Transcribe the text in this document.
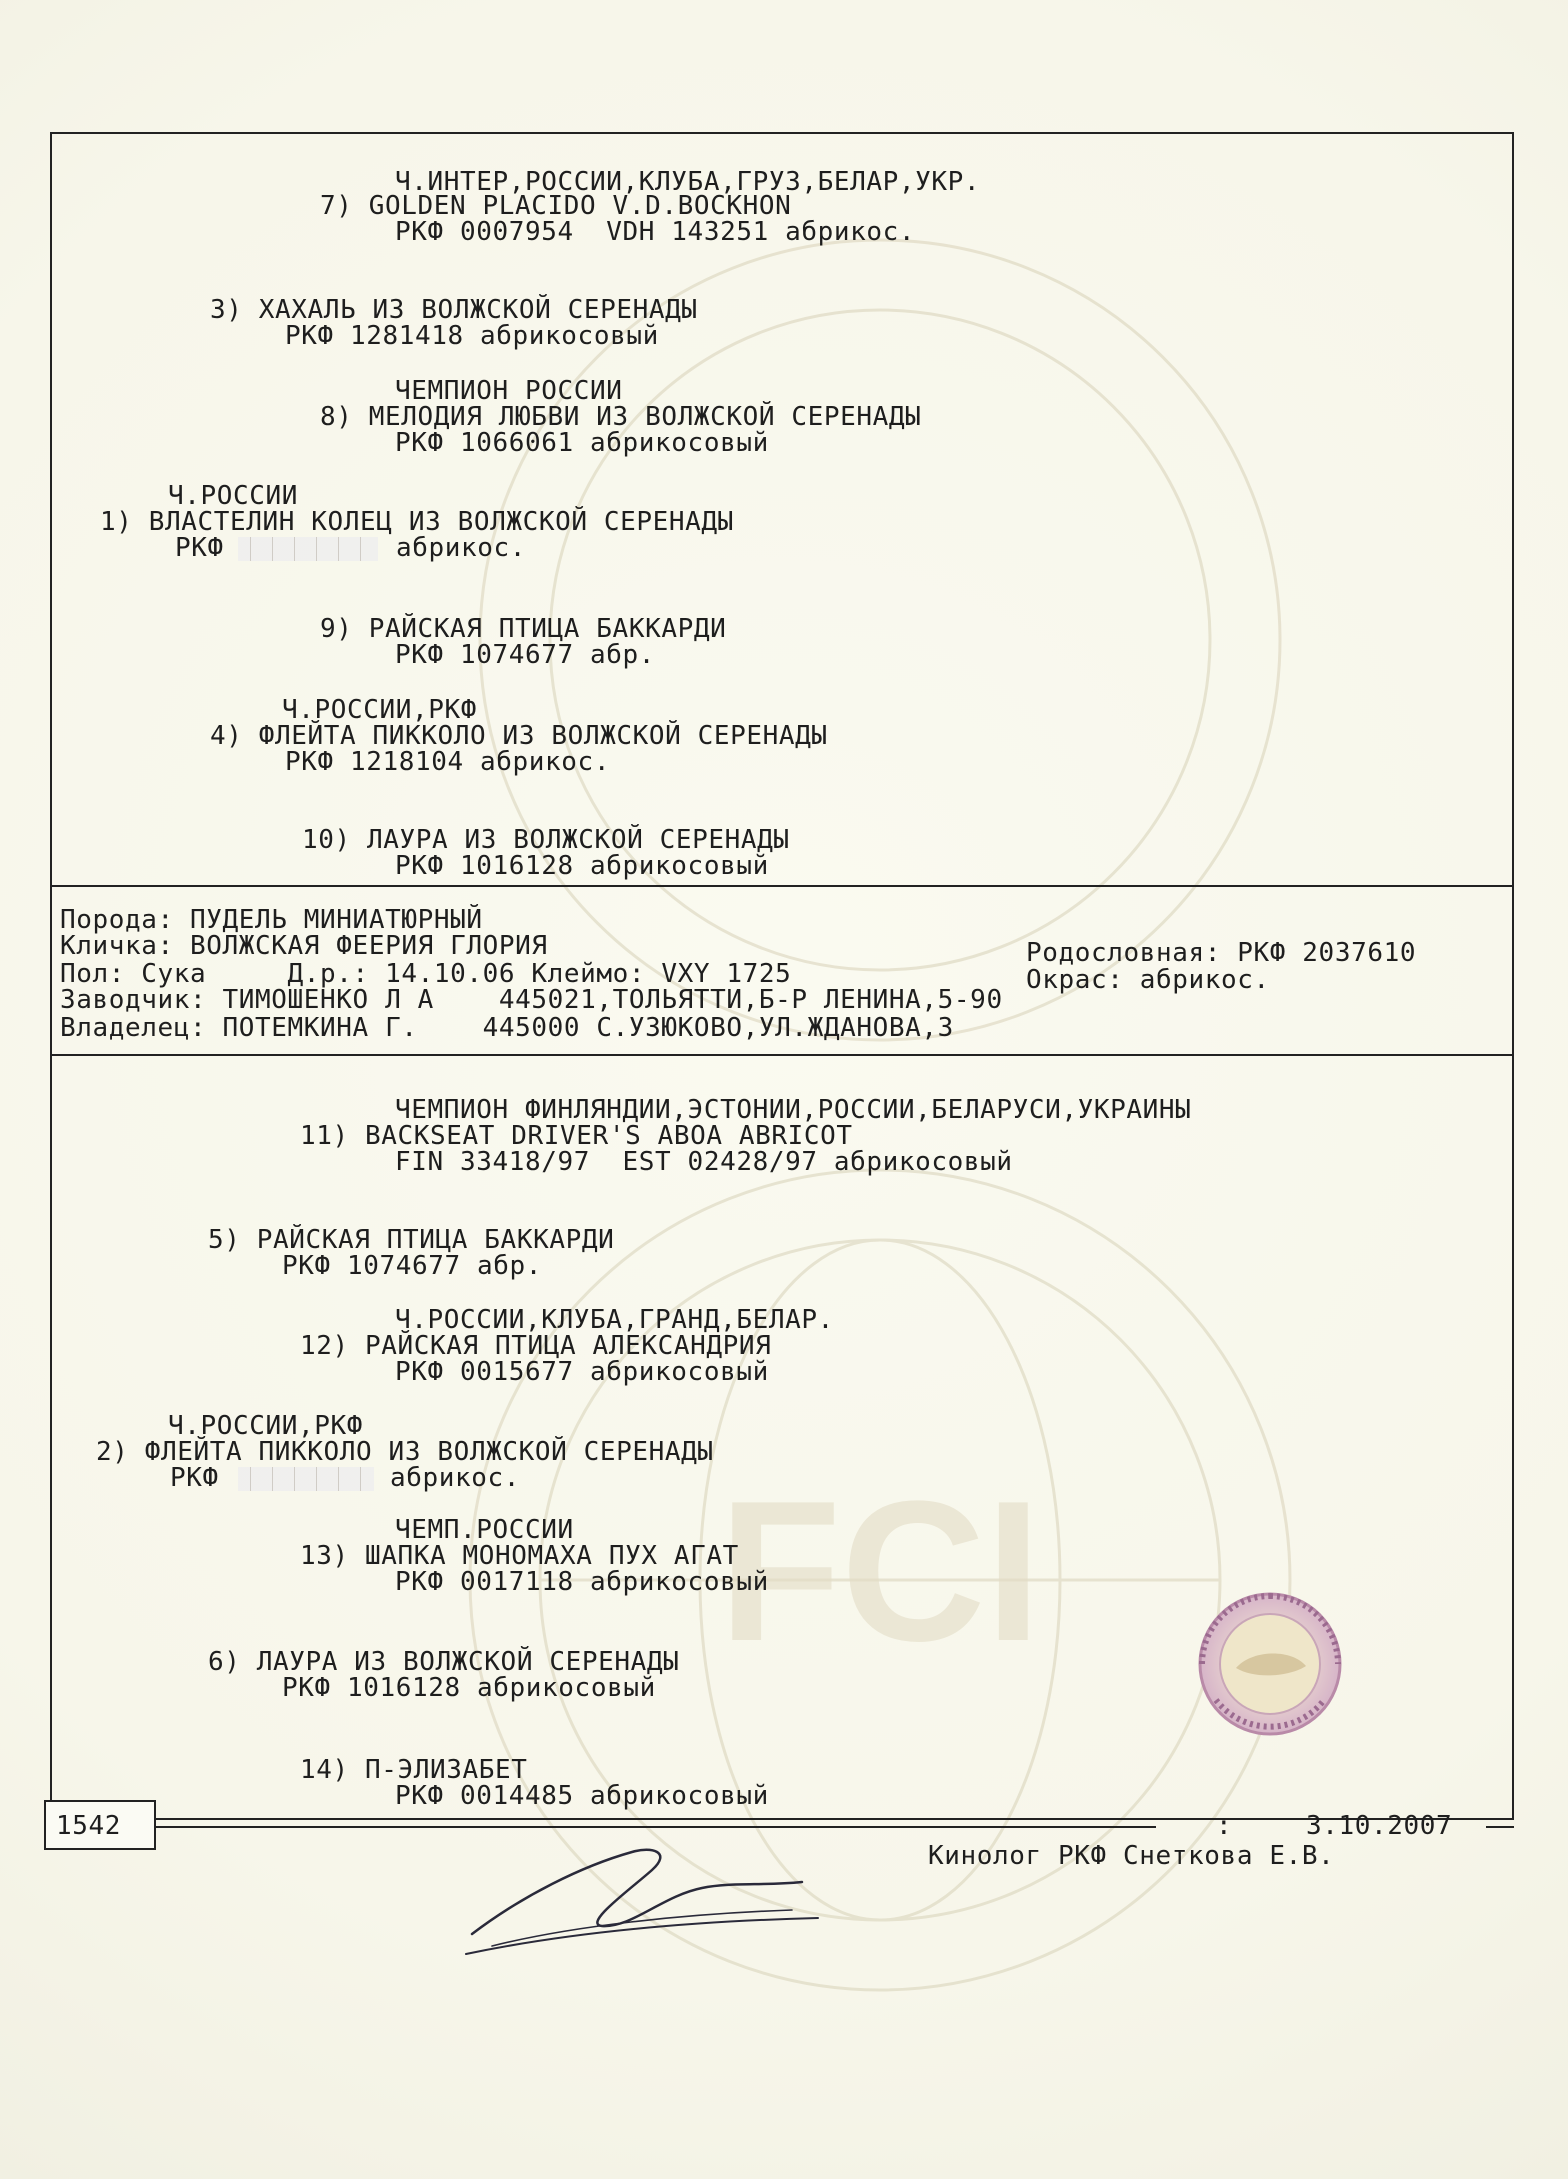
FCI
Ч.ИНТЕР,РОССИИ,КЛУБА,ГРУЗ,БЕЛАР,УКР.
7) GOLDEN PLACIDO V.D.BOCKHON
РКФ 0007954  VDH 143251 абрикос.
3) ХАХАЛЬ ИЗ ВОЛЖСКОЙ СЕРЕНАДЫ
РКФ 1281418 абрикосовый
ЧЕМПИОН РОССИИ
8) МЕЛОДИЯ ЛЮБВИ ИЗ ВОЛЖСКОЙ СЕРЕНАДЫ
РКФ 1066061 абрикосовый
Ч.РОССИИ
1) ВЛАСТЕЛИН КОЛЕЦ ИЗ ВОЛЖСКОЙ СЕРЕНАДЫ
РКФ	абрикос.
9) РАЙСКАЯ ПТИЦА БАККАРДИ
РКФ 1074677 абр.
Ч.РОССИИ,РКФ
4) ФЛЕЙТА ПИККОЛО ИЗ ВОЛЖСКОЙ СЕРЕНАДЫ
РКФ 1218104 абрикос.
10) ЛАУРА ИЗ ВОЛЖСКОЙ СЕРЕНАДЫ
РКФ 1016128 абрикосовый
Порода: ПУДЕЛЬ МИНИАТЮРНЫЙ
Кличка: ВОЛЖСКАЯ ФЕЕРИЯ ГЛОРИЯ	Родословная: РКФ 2037610
Пол: Сука     Д.р.: 14.10.06 Клеймо: VXY 1725	Окрас: абрикос.
Заводчик: ТИМОШЕНКО Л А    445021,ТОЛЬЯТТИ,Б-Р ЛЕНИНА,5-90
Владелец: ПОТЕМКИНА Г.    445000 С.УЗЮКОВО,УЛ.ЖДАНОВА,3
ЧЕМПИОН ФИНЛЯНДИИ,ЭСТОНИИ,РОССИИ,БЕЛАРУСИ,УКРАИНЫ
11) BACKSEAT DRIVER'S ABOA ABRICOT
FIN 33418/97  EST 02428/97 абрикосовый
5) РАЙСКАЯ ПТИЦА БАККАРДИ
РКФ 1074677 абр.
Ч.РОССИИ,КЛУБА,ГРАНД,БЕЛАР.
12) РАЙСКАЯ ПТИЦА АЛЕКСАНДРИЯ
РКФ 0015677 абрикосовый
Ч.РОССИИ,РКФ
2) ФЛЕЙТА ПИККОЛО ИЗ ВОЛЖСКОЙ СЕРЕНАДЫ
РКФ	абрикос.
ЧЕМП.РОССИИ
13) ШАПКА МОНОМАХА ПУХ АГАТ
РКФ 0017118 абрикосовый
6) ЛАУРА ИЗ ВОЛЖСКОЙ СЕРЕНАДЫ
РКФ 1016128 абрикосовый
14) П-ЭЛИЗАБЕТ
РКФ 0014485 абрикосовый
1542	:	3.10.2007
Кинолог РКФ Снеткова Е.В.
